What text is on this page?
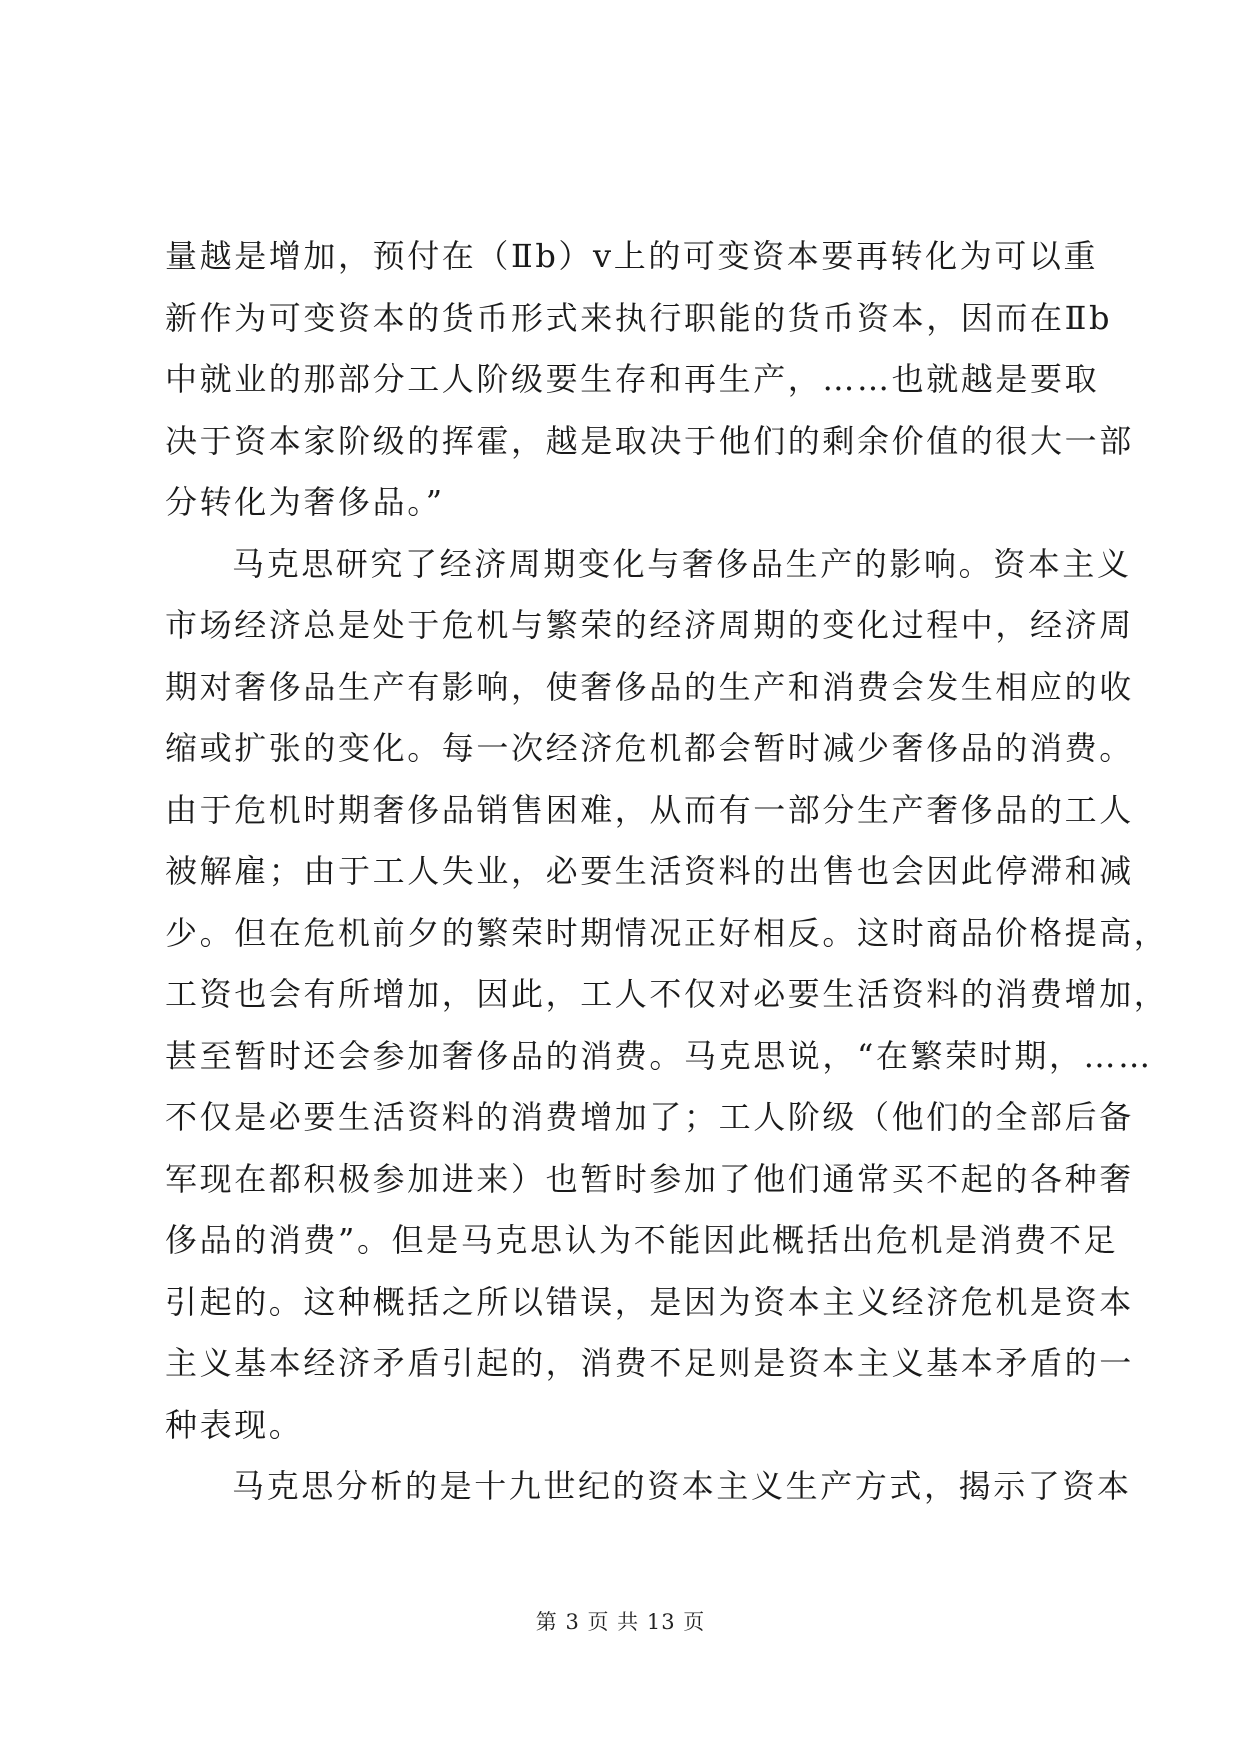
量越是增加，预付在（Ⅱb）v上的可变资本要再转化为可以重
新作为可变资本的货币形式来执行职能的货币资本，因而在Ⅱb
中就业的那部分工人阶级要生存和再生产，……也就越是要取
决于资本家阶级的挥霍，越是取决于他们的剩余价值的很大一部
分转化为奢侈品。”
马克思研究了经济周期变化与奢侈品生产的影响。资本主义
市场经济总是处于危机与繁荣的经济周期的变化过程中，经济周
期对奢侈品生产有影响，使奢侈品的生产和消费会发生相应的收
缩或扩张的变化。每一次经济危机都会暂时减少奢侈品的消费。
由于危机时期奢侈品销售困难，从而有一部分生产奢侈品的工人
被解雇；由于工人失业，必要生活资料的出售也会因此停滞和减
少。但在危机前夕的繁荣时期情况正好相反。这时商品价格提高，
工资也会有所增加，因此，工人不仅对必要生活资料的消费增加，
甚至暂时还会参加奢侈品的消费。马克思说，“在繁荣时期，……
不仅是必要生活资料的消费增加了；工人阶级（他们的全部后备
军现在都积极参加进来）也暂时参加了他们通常买不起的各种奢
侈品的消费”。但是马克思认为不能因此概括出危机是消费不足
引起的。这种概括之所以错误，是因为资本主义经济危机是资本
主义基本经济矛盾引起的，消费不足则是资本主义基本矛盾的一
种表现。
马克思分析的是十九世纪的资本主义生产方式，揭示了资本
第 3 页 共 13 页
